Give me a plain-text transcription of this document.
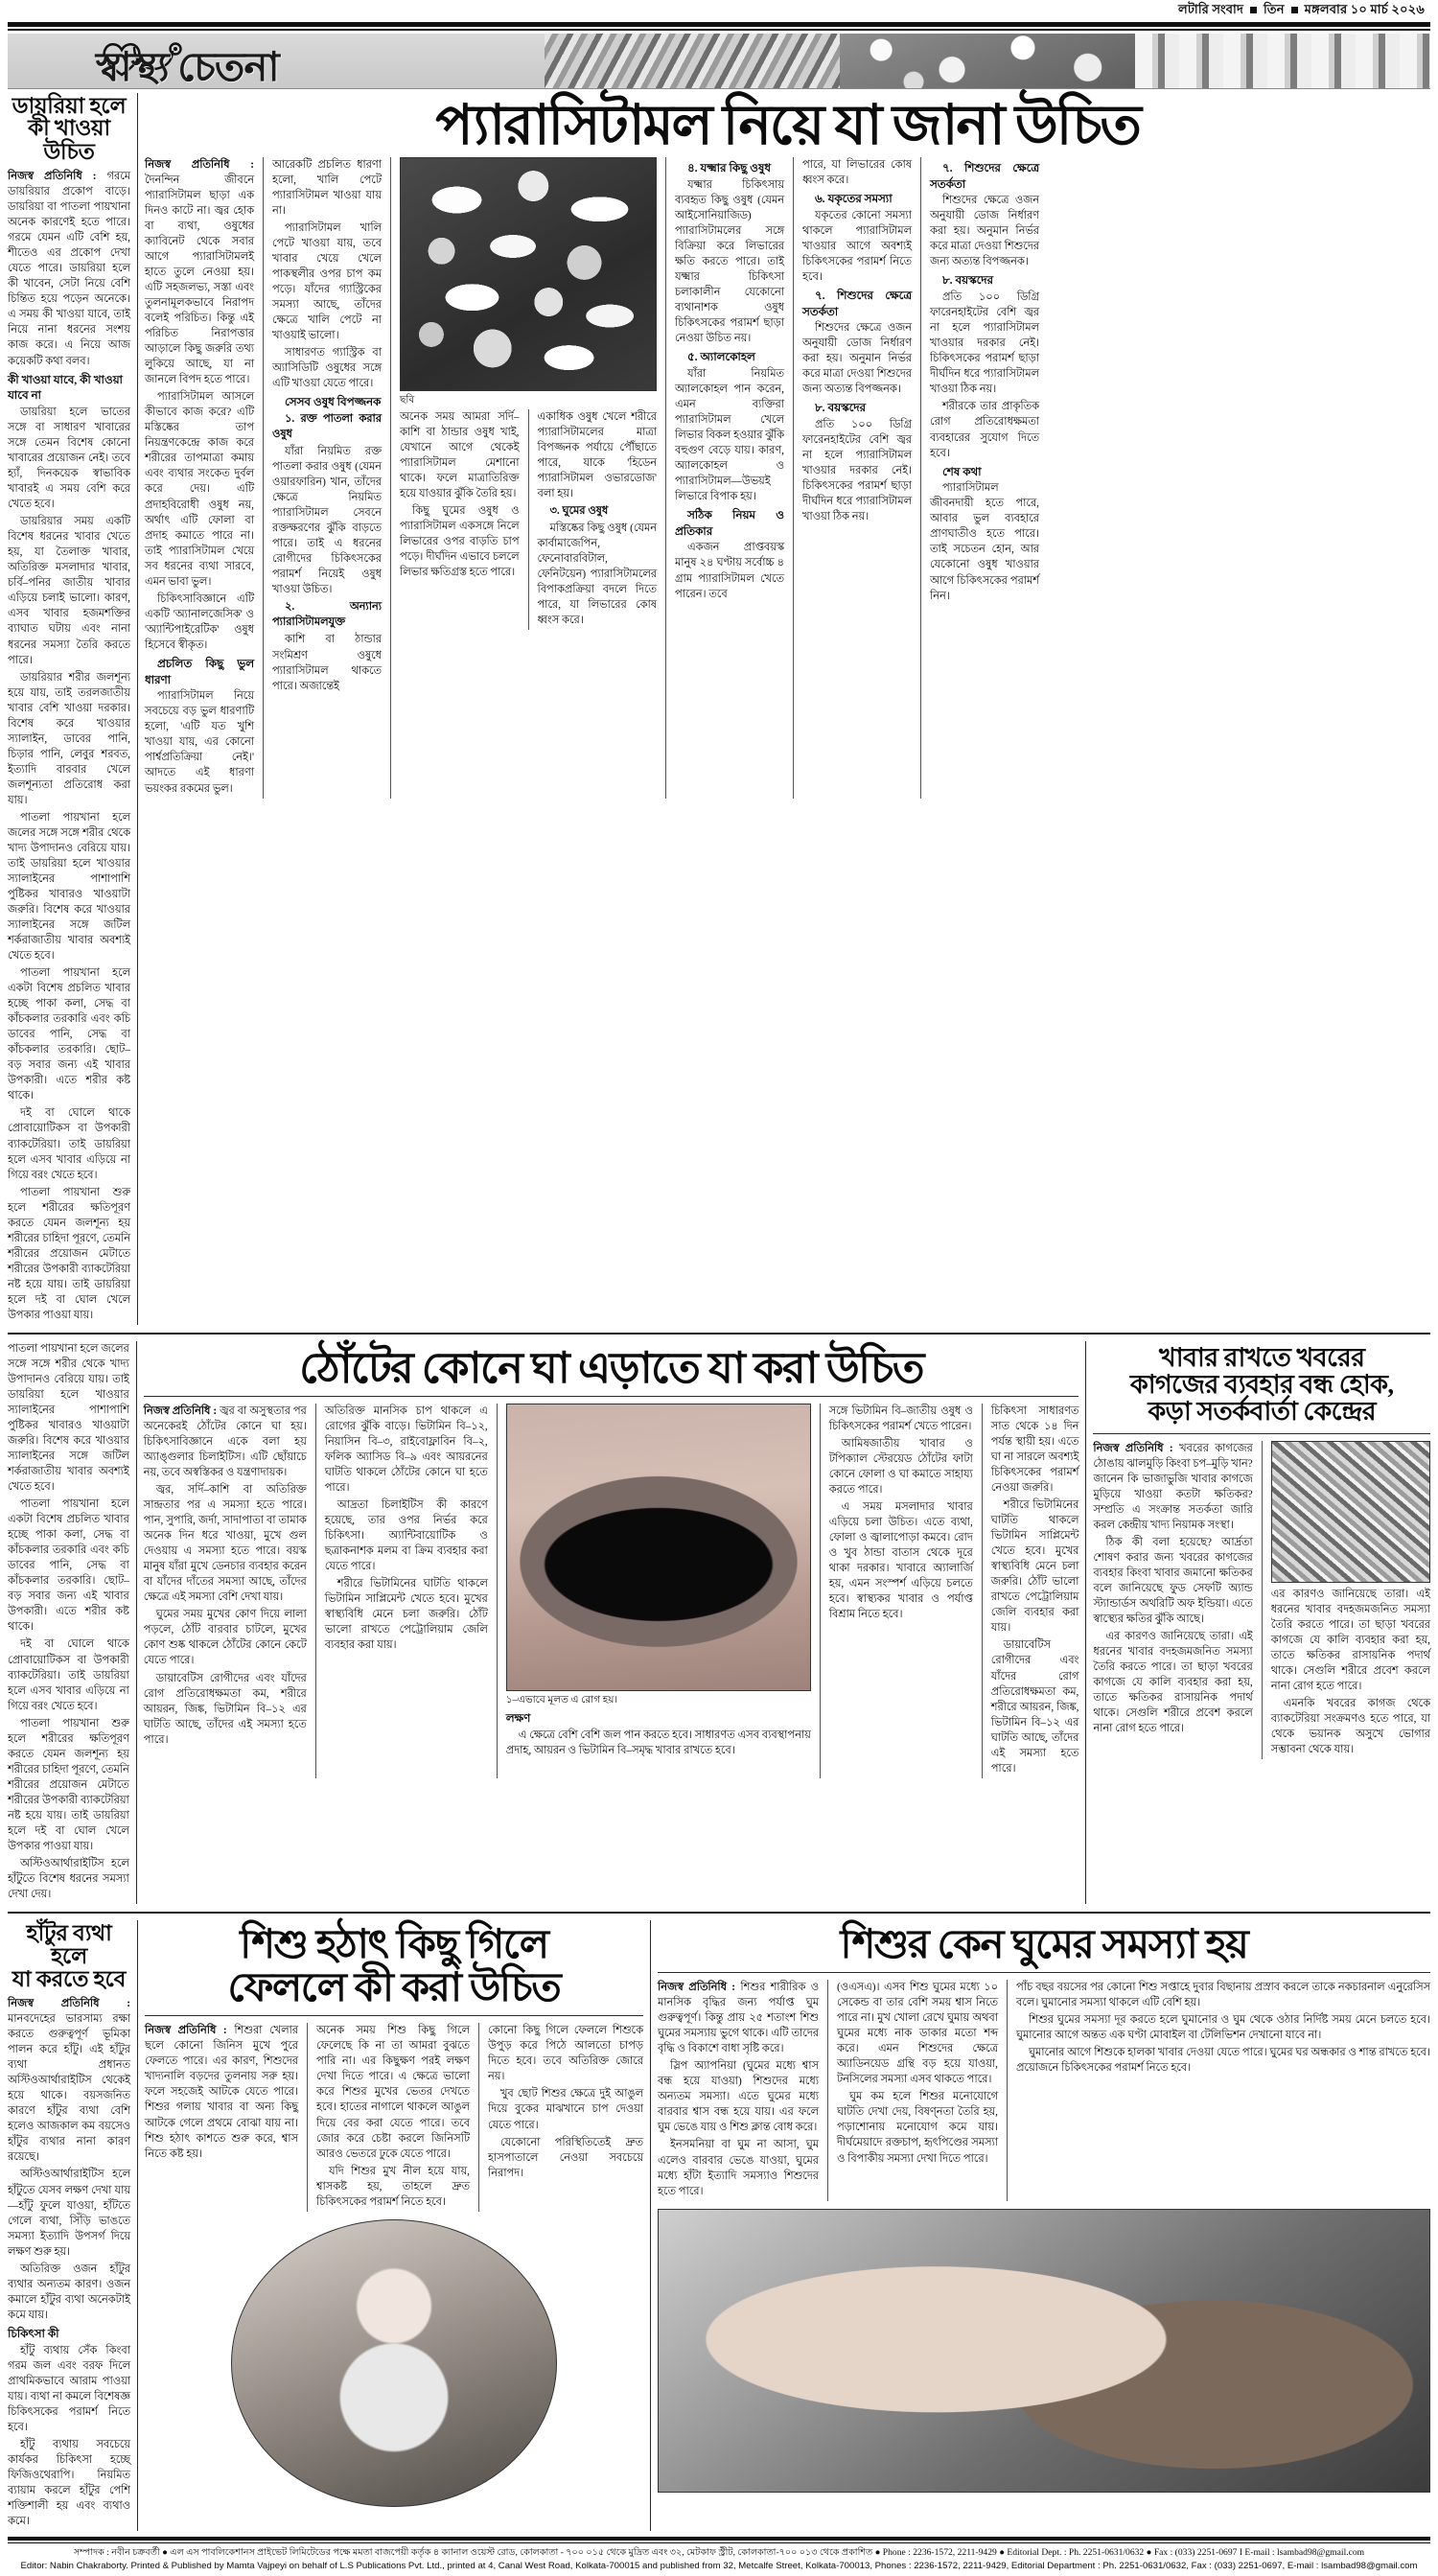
লটারি সংবাদ তিন মঙ্গলবার ১০ মার্চ ২০২৬
স্বাস্থ্য চেতনা
ডায়রিয়া হলে
কী খাওয়া উচিত

নিজস্ব প্রতিনিধি : গরমে ডায়রিয়ার প্রকোপ বাড়ে। ডায়রিয়া বা পাতলা পায়খানা অনেক কারণেই হতে পারে। গরমে যেমন এটি বেশি হয়, শীতেও এর প্রকোপ দেখা যেতে পারে। ডায়রিয়া হলে কী খাবেন, সেটা নিয়ে বেশি চিন্তিত হয়ে পড়েন অনেকে। এ সময় কী খাওয়া যাবে, তাই নিয়ে নানা ধরনের সংশয় কাজ করে। এ নিয়ে আজ কয়েকটি কথা বলব।

কী খাওয়া যাবে, কী খাওয়া যাবে না

ডায়রিয়া হলে ভাতের সঙ্গে বা সাধারণ খাবারের সঙ্গে তেমন বিশেষ কোনো খাবারের প্রয়োজন নেই। তবে হ্যাঁ, দিনকয়েক স্বাভাবিক খাবারই এ সময় বেশি করে খেতে হবে।

ডায়রিয়ার সময় একটি বিশেষ ধরনের খাবার খেতে হয়, যা তৈলাক্ত খাবার, অতিরিক্ত মসলাদার খাবার, চর্বি–পনির জাতীয় খাবার এড়িয়ে চলাই ভালো। কারণ, এসব খাবার হজমশক্তির ব্যাঘাত ঘটায় এবং নানা ধরনের সমস্যা তৈরি করতে পারে।

ডায়রিয়ার শরীর জলশূন্য হয়ে যায়, তাই তরলজাতীয় খাবার বেশি খাওয়া দরকার। বিশেষ করে খাওয়ার স্যালাইন, ডাবের পানি, চিড়ার পানি, লেবুর শরবত, ইত্যাদি বারবার খেলে জলশূন্যতা প্রতিরোধ করা যায়।

পাতলা পায়খানা হলে জলের সঙ্গে সঙ্গে শরীর থেকে খাদ্য উপাদানও বেরিয়ে যায়। তাই ডায়রিয়া হলে খাওয়ার স্যালাইনের পাশাপাশি পুষ্টিকর খাবারও খাওয়াটা জরুরি। বিশেষ করে খাওয়ার স্যালাইনের সঙ্গে জটিল শর্করাজাতীয় খাবার অবশ্যই খেতে হবে।

পাতলা পায়খানা হলে একটা বিশেষ প্রচলিত খাবার হচ্ছে পাকা কলা, সেদ্ধ বা কাঁচকলার তরকারি এবং কচি ডাবের পানি, সেদ্ধ বা কাঁচকলার তরকারি। ছোট–বড় সবার জন্য এই খাবার উপকারী। এতে শরীর কষ্ট থাকে।

দই বা ঘোলে থাকে প্রোবায়োটিকস বা উপকারী ব্যাকটেরিয়া। তাই ডায়রিয়া হলে এসব খাবার এড়িয়ে না গিয়ে বরং খেতে হবে।

পাতলা পায়খানা শুরু হলে শরীরের ক্ষতিপূরণ করতে যেমন জলশূন্য হয় শরীরের চাহিদা পূরণে, তেমনি শরীরের প্রয়োজন মেটাতে শরীরের উপকারী ব্যাকটেরিয়া নষ্ট হয়ে যায়। তাই ডায়রিয়া হলে দই বা ঘোল খেলে উপকার পাওয়া যায়।

প্যারাসিটামল নিয়ে যা জানা উচিত

নিজস্ব প্রতিনিধি : দৈনন্দিন জীবনে প্যারাসিটামল ছাড়া এক দিনও কাটে না। জ্বর হোক বা ব্যথা, ওষুধের ক্যাবিনেট থেকে সবার আগে প্যারাসিটামলই হাতে তুলে নেওয়া হয়। এটি সহজলভ্য, সস্তা এবং তুলনামূলকভাবে নিরাপদ বলেই পরিচিত। কিন্তু এই পরিচিত নিরাপত্তার আড়ালে কিছু জরুরি তথ্য লুকিয়ে আছে, যা না জানলে বিপদ হতে পারে।

প্যারাসিটামল আসলে কীভাবে কাজ করে? এটি মস্তিষ্কের তাপ নিয়ন্ত্রণকেন্দ্রে কাজ করে শরীরের তাপমাত্রা কমায় এবং ব্যথার সংকেত দুর্বল করে দেয়। এটি প্রদাহবিরোধী ওষুধ নয়, অর্থাৎ এটি ফোলা বা প্রদাহ কমাতে পারে না। তাই প্যারাসিটামল খেয়ে সব ধরনের ব্যথা সারবে, এমন ভাবা ভুল।

চিকিৎসাবিজ্ঞানে এটি একটি 'অ্যানালজেসিক' ও 'অ্যান্টিপাইরেটিক' ওষুধ হিসেবে স্বীকৃত।

প্রচলিত কিছু ভুল ধারণা

প্যারাসিটামল নিয়ে সবচেয়ে বড় ভুল ধারণাটি হলো, 'এটি যত খুশি খাওয়া যায়, এর কোনো পার্শ্বপ্রতিক্রিয়া নেই।' আদতে এই ধারণা ভয়ংকর রকমের ভুল।

আরেকটি প্রচলিত ধারণা হলো, খালি পেটে প্যারাসিটামল খাওয়া যায় না।

প্যারাসিটামল খালি পেটে খাওয়া যায়, তবে খাবার খেয়ে খেলে পাকস্থলীর ওপর চাপ কম পড়ে। যাঁদের গ্যাস্ট্রিকের সমস্যা আছে, তাঁদের ক্ষেত্রে খালি পেটে না খাওয়াই ভালো।

সাধারণত গ্যাস্ট্রিক বা অ্যাসিডিটি ওষুধের সঙ্গে এটি খাওয়া যেতে পারে।

সেসব ওষুধ বিপজ্জনক

১. রক্ত পাতলা করার ওষুধ

যাঁরা নিয়মিত রক্ত পাতলা করার ওষুধ (যেমন ওয়ারফারিন) খান, তাঁদের ক্ষেত্রে নিয়মিত প্যারাসিটামল সেবনে রক্তক্ষরণের ঝুঁকি বাড়তে পারে। তাই এ ধরনের রোগীদের চিকিৎসকের পরামর্শ নিয়েই ওষুধ খাওয়া উচিত।

২. অন্যান্য প্যারাসিটামলযুক্ত

কাশি বা ঠান্ডার সংমিশ্রণ ওষুধে প্যারাসিটামল থাকতে পারে। অজান্তেই

ছবি

অনেক সময় আমরা সর্দি–কাশি বা ঠান্ডার ওষুধ খাই, যেখানে আগে থেকেই প্যারাসিটামল মেশানো থাকে। ফলে মাত্রাতিরিক্ত হয়ে যাওয়ার ঝুঁকি তৈরি হয়।

কিছু ঘুমের ওষুধ ও প্যারাসিটামল একসঙ্গে নিলে লিভারের ওপর বাড়তি চাপ পড়ে। দীর্ঘদিন এভাবে চললে লিভার ক্ষতিগ্রস্ত হতে পারে।

একাধিক ওষুধ খেলে শরীরে প্যারাসিটামলের মাত্রা বিপজ্জনক পর্যায়ে পৌঁছাতে পারে, যাকে 'হিডেন প্যারাসিটামল ওভারডোজ' বলা হয়।

৩. ঘুমের ওষুধ

মস্তিষ্কের কিছু ওষুধ (যেমন কার্বামাজেপিন, ফেনোবারবিটাল, ফেনিটয়েন) প্যারাসিটামলের বিপাকপ্রক্রিয়া বদলে দিতে পারে, যা লিভারের কোষ ধ্বংস করে।

৪. যক্ষ্মার কিছু ওষুধ

যক্ষ্মার চিকিৎসায় ব্যবহৃত কিছু ওষুধ (যেমন আইসোনিয়াজিড) প্যারাসিটামলের সঙ্গে বিক্রিয়া করে লিভারের ক্ষতি করতে পারে। তাই যক্ষ্মার চিকিৎসা চলাকালীন যেকোনো ব্যথানাশক ওষুধ চিকিৎসকের পরামর্শ ছাড়া নেওয়া উচিত নয়।

৫. অ্যালকোহল

যাঁরা নিয়মিত অ্যালকোহল পান করেন, এমন ব্যক্তিরা প্যারাসিটামল খেলে লিভার বিকল হওয়ার ঝুঁকি বহুগুণ বেড়ে যায়। কারণ, অ্যালকোহল ও প্যারাসিটামল—উভয়ই লিভারে বিপাক হয়।

সঠিক নিয়ম ও প্রতিকার

একজন প্রাপ্তবয়স্ক মানুষ ২৪ ঘণ্টায় সর্বোচ্চ ৪ গ্রাম প্যারাসিটামল খেতে পারেন। তবে

পারে, যা লিভারের কোষ ধ্বংস করে।

৬. যকৃতের সমস্যা

যকৃতের কোনো সমস্যা থাকলে প্যারাসিটামল খাওয়ার আগে অবশ্যই চিকিৎসকের পরামর্শ নিতে হবে।

৭. শিশুদের ক্ষেত্রে সতর্কতা

শিশুদের ক্ষেত্রে ওজন অনুযায়ী ডোজ নির্ধারণ করা হয়। অনুমান নির্ভর করে মাত্রা দেওয়া শিশুদের জন্য অত্যন্ত বিপজ্জনক।

৮. বয়স্কদের

প্রতি ১০০ ডিগ্রি ফারেনহাইটের বেশি জ্বর না হলে প্যারাসিটামল খাওয়ার দরকার নেই। চিকিৎসকের পরামর্শ ছাড়া দীর্ঘদিন ধরে প্যারাসিটামল খাওয়া ঠিক নয়।

৭. শিশুদের ক্ষেত্রে সতর্কতা

শিশুদের ক্ষেত্রে ওজন অনুযায়ী ডোজ নির্ধারণ করা হয়। অনুমান নির্ভর করে মাত্রা দেওয়া শিশুদের জন্য অত্যন্ত বিপজ্জনক।

৮. বয়স্কদের

প্রতি ১০০ ডিগ্রি ফারেনহাইটের বেশি জ্বর না হলে প্যারাসিটামল খাওয়ার দরকার নেই। চিকিৎসকের পরামর্শ ছাড়া দীর্ঘদিন ধরে প্যারাসিটামল খাওয়া ঠিক নয়।

শরীরকে তার প্রাকৃতিক রোগ প্রতিরোধক্ষমতা ব্যবহারের সুযোগ দিতে হবে।

শেষ কথা

প্যারাসিটামল জীবনদায়ী হতে পারে, আবার ভুল ব্যবহারে প্রাণঘাতীও হতে পারে। তাই সচেতন হোন, আর যেকোনো ওষুধ খাওয়ার আগে চিকিৎসকের পরামর্শ নিন।

পাতলা পায়খানা হলে জলের সঙ্গে সঙ্গে শরীর থেকে খাদ্য উপাদানও বেরিয়ে যায়। তাই ডায়রিয়া হলে খাওয়ার স্যালাইনের পাশাপাশি পুষ্টিকর খাবারও খাওয়াটা জরুরি। বিশেষ করে খাওয়ার স্যালাইনের সঙ্গে জটিল শর্করাজাতীয় খাবার অবশ্যই খেতে হবে।

পাতলা পায়খানা হলে একটা বিশেষ প্রচলিত খাবার হচ্ছে পাকা কলা, সেদ্ধ বা কাঁচকলার তরকারি এবং কচি ডাবের পানি, সেদ্ধ বা কাঁচকলার তরকারি। ছোট–বড় সবার জন্য এই খাবার উপকারী। এতে শরীর কষ্ট থাকে।

দই বা ঘোলে থাকে প্রোবায়োটিকস বা উপকারী ব্যাকটেরিয়া। তাই ডায়রিয়া হলে এসব খাবার এড়িয়ে না গিয়ে বরং খেতে হবে।

পাতলা পায়খানা শুরু হলে শরীরের ক্ষতিপূরণ করতে যেমন জলশূন্য হয় শরীরের চাহিদা পূরণে, তেমনি শরীরের প্রয়োজন মেটাতে শরীরের উপকারী ব্যাকটেরিয়া নষ্ট হয়ে যায়। তাই ডায়রিয়া হলে দই বা ঘোল খেলে উপকার পাওয়া যায়।

অস্টিওআর্থারাইটিস হলে হাঁটুতে বিশেষ ধরনের সমস্যা দেখা দেয়।

ঠোঁটের কোনে ঘা এড়াতে যা করা উচিত

নিজস্ব প্রতিনিধি : জ্বর বা অসুস্থতার পর অনেকেরই ঠোঁটের কোনে ঘা হয়। চিকিৎসাবিজ্ঞানে একে বলা হয় অ্যাঙ্গুলার চিলাইটিস। এটি ছোঁয়াচে নয়, তবে অস্বস্তিকর ও যন্ত্রণাদায়ক।

জ্বর, সর্দি–কাশি বা অতিরিক্ত সান্দ্রতার পর এ সমস্যা হতে পারে। পান, সুপারি, জর্দা, সাদাপাতা বা তামাক অনেক দিন ধরে খাওয়া, মুখে গুল দেওয়ায় এ সমস্যা হতে পারে। বয়স্ক মানুষ যাঁরা মুখে ডেনচার ব্যবহার করেন বা যাঁদের দাঁতের সমস্যা আছে, তাঁদের ক্ষেত্রে এই সমস্যা বেশি দেখা যায়।

ঘুমের সময় মুখের কোণ দিয়ে লালা পড়লে, ঠোঁট বারবার চাটলে, মুখের কোণ শুষ্ক থাকলে ঠোঁটের কোনে কেটে যেতে পারে।

ডায়াবেটিস রোগীদের এবং যাঁদের রোগ প্রতিরোধক্ষমতা কম, শরীরে আয়রন, জিঙ্ক, ভিটামিন বি–১২ এর ঘাটতি আছে, তাঁদের এই সমস্যা হতে পারে।

অতিরিক্ত মানসিক চাপ থাকলে এ রোগের ঝুঁকি বাড়ে। ভিটামিন বি–১২, নিয়াসিন বি–৩, রাইবোফ্লাবিন বি–২, ফলিক অ্যাসিড বি–৯ এবং আয়রনের ঘাটতি থাকলে ঠোঁটের কোনে ঘা হতে পারে।

আদ্রতা চিলাইটিস কী কারণে হয়েছে, তার ওপর নির্ভর করে চিকিৎসা। অ্যান্টিবায়োটিক ও ছত্রাকনাশক মলম বা ক্রিম ব্যবহার করা যেতে পারে।

শরীরে ভিটামিনের ঘাটতি থাকলে ভিটামিন সাপ্লিমেন্ট খেতে হবে। মুখের স্বাস্থ্যবিধি মেনে চলা জরুরি। ঠোঁট ভালো রাখতে পেট্রোলিয়াম জেলি ব্যবহার করা যায়।

১–এভাবে মূলত এ রোগ হয়।
লক্ষণ

এ ক্ষেত্রে বেশি বেশি জল পান করতে হবে। সাধারণত এসব ব্যবস্থাপনায় প্রদাহ, আয়রন ও ভিটামিন বি–সমৃদ্ধ খাবার রাখতে হবে।

সঙ্গে ভিটামিন বি–জাতীয় ওষুধ ও চিকিৎসকের পরামর্শ খেতে পারেন।

আমিষজাতীয় খাবার ও টপিক্যাল স্টেরয়েড ঠোঁটের ফাটা কোনে ফোলা ও ঘা কমাতে সাহায্য করতে পারে।

এ সময় মসলাদার খাবার এড়িয়ে চলা উচিত। এতে ব্যথা, ফোলা ও জ্বালাপোড়া কমবে। রোদ ও খুব ঠান্ডা বাতাস থেকে দূরে থাকা দরকার। খাবারে অ্যালার্জি হয়, এমন সংস্পর্শ এড়িয়ে চলতে হবে। স্বাস্থ্যকর খাবার ও পর্যাপ্ত বিশ্রাম নিতে হবে।

চিকিৎসা সাধারণত সাত থেকে ১৪ দিন পর্যন্ত স্থায়ী হয়। এতে ঘা না সারলে অবশ্যই চিকিৎসকের পরামর্শ নেওয়া জরুরি।

শরীরে ভিটামিনের ঘাটতি থাকলে ভিটামিন সাপ্লিমেন্ট খেতে হবে। মুখের স্বাস্থ্যবিধি মেনে চলা জরুরি। ঠোঁট ভালো রাখতে পেট্রোলিয়াম জেলি ব্যবহার করা যায়।

ডায়াবেটিস রোগীদের এবং যাঁদের রোগ প্রতিরোধক্ষমতা কম, শরীরে আয়রন, জিঙ্ক, ভিটামিন বি–১২ এর ঘাটতি আছে, তাঁদের এই সমস্যা হতে পারে।

খাবার রাখতে খবরের
কাগজের ব্যবহার বন্ধ হোক,
কড়া সতর্কবার্তা কেন্দ্রের

নিজস্ব প্রতিনিধি : খবরের কাগজের ঠোঙায় ঝালমুড়ি কিংবা চপ–মুড়ি খান? জানেন কি ভাজাভুজি খাবার কাগজে মুড়িয়ে খাওয়া কতটা ক্ষতিকর? সম্প্রতি এ সংক্রান্ত সতর্কতা জারি করল কেন্দ্রীয় খাদ্য নিয়ামক সংস্থা।

ঠিক কী বলা হয়েছে? আর্দ্রতা শোষণ করার জন্য খবরের কাগজের ব্যবহার কিংবা খাবার জমানো ক্ষতিকর বলে জানিয়েছে ফুড সেফটি অ্যান্ড স্ট্যান্ডার্ডস অথরিটি অফ ইন্ডিয়া। এতে স্বাস্থ্যের ক্ষতির ঝুঁকি আছে।

এর কারণও জানিয়েছে তারা। এই ধরনের খাবার বদহজমজনিত সমস্যা তৈরি করতে পারে। তা ছাড়া খবরের কাগজে যে কালি ব্যবহার করা হয়, তাতে ক্ষতিকর রাসায়নিক পদার্থ থাকে। সেগুলি শরীরে প্রবেশ করলে নানা রোগ হতে পারে।

এর কারণও জানিয়েছে তারা। এই ধরনের খাবার বদহজমজনিত সমস্যা তৈরি করতে পারে। তা ছাড়া খবরের কাগজে যে কালি ব্যবহার করা হয়, তাতে ক্ষতিকর রাসায়নিক পদার্থ থাকে। সেগুলি শরীরে প্রবেশ করলে নানা রোগ হতে পারে।

এমনকি খবরের কাগজ থেকে ব্যাকটেরিয়া সংক্রমণও হতে পারে, যা থেকে ভয়ানক অসুখে ভোগার সম্ভাবনা থেকে যায়।

হাঁটুর ব্যথা হলে
যা করতে হবে

নিজস্ব প্রতিনিধি : মানবদেহের ভারসাম্য রক্ষা করতে গুরুত্বপূর্ণ ভূমিকা পালন করে হাঁটু। এই হাঁটুর ব্যথা প্রধানত অস্টিওআর্থারাইটিস থেকেই হয়ে থাকে। বয়সজনিত কারণে হাঁটুর ব্যথা বেশি হলেও আজকাল কম বয়সেও হাঁটুর ব্যথার নানা কারণ রয়েছে।

অস্টিওআর্থারাইটিস হলে হাঁটুতে যেসব লক্ষণ দেখা যায়—হাঁটু ফুলে যাওয়া, হাঁটতে গেলে ব্যথা, সিঁড়ি ভাঙতে সমস্যা ইত্যাদি উপসর্গ দিয়ে লক্ষণ শুরু হয়।

অতিরিক্ত ওজন হাঁটুর ব্যথার অন্যতম কারণ। ওজন কমালে হাঁটুর ব্যথা অনেকটাই কমে যায়।

চিকিৎসা কী

হাঁটু ব্যথায় সেঁক কিংবা গরম জল এবং বরফ দিলে প্রাথমিকভাবে আরাম পাওয়া যায়। ব্যথা না কমলে বিশেষজ্ঞ চিকিৎসকের পরামর্শ নিতে হবে।

হাঁটু ব্যথায় সবচেয়ে কার্যকর চিকিৎসা হচ্ছে ফিজিওথেরাপি। নিয়মিত ব্যায়াম করলে হাঁটুর পেশি শক্তিশালী হয় এবং ব্যথাও কমে।

শিশু হঠাৎ কিছু গিলে
ফেললে কী করা উচিত

নিজস্ব প্রতিনিধি : শিশুরা খেলার ছলে কোনো জিনিস মুখে পুরে ফেলতে পারে। এর কারণ, শিশুদের খাদ্যনালি বড়দের তুলনায় সরু হয়। ফলে সহজেই আটকে যেতে পারে। শিশুর গলায় খাবার বা অন্য কিছু আটকে গেলে প্রথমে বোঝা যায় না। শিশু হঠাৎ কাশতে শুরু করে, শ্বাস নিতে কষ্ট হয়।

অনেক সময় শিশু কিছু গিলে ফেলেছে কি না তা আমরা বুঝতে পারি না। এর কিছুক্ষণ পরই লক্ষণ দেখা দিতে পারে। এ ক্ষেত্রে ভালো করে শিশুর মুখের ভেতর দেখতে হবে। হাতের নাগালে থাকলে আঙুল দিয়ে বের করা যেতে পারে। তবে জোর করে চেষ্টা করলে জিনিসটি আরও ভেতরে ঢুকে যেতে পারে।

যদি শিশুর মুখ নীল হয়ে যায়, শ্বাসকষ্ট হয়, তাহলে দ্রুত চিকিৎসকের পরামর্শ নিতে হবে।

কোনো কিছু গিলে ফেললে শিশুকে উপুড় করে পিঠে আলতো চাপড় দিতে হবে। তবে অতিরিক্ত জোরে নয়।

খুব ছোট শিশুর ক্ষেত্রে দুই আঙুল দিয়ে বুকের মাঝখানে চাপ দেওয়া যেতে পারে।

যেকোনো পরিস্থিতিতেই দ্রুত হাসপাতালে নেওয়া সবচেয়ে নিরাপদ।

শিশুর কেন ঘুমের সমস্যা হয়

নিজস্ব প্রতিনিধি : শিশুর শারীরিক ও মানসিক বৃদ্ধির জন্য পর্যাপ্ত ঘুম গুরুত্বপূর্ণ। কিন্তু প্রায় ২৫ শতাংশ শিশু ঘুমের সমস্যায় ভুগে থাকে। এটি তাদের বৃদ্ধি ও বিকাশে বাধা সৃষ্টি করে।

স্লিপ অ্যাপনিয়া (ঘুমের মধ্যে শ্বাস বন্ধ হয়ে যাওয়া) শিশুদের মধ্যে অন্যতম সমস্যা। এতে ঘুমের মধ্যে বারবার শ্বাস বন্ধ হয়ে যায়। এর ফলে ঘুম ভেঙে যায় ও শিশু ক্লান্ত বোধ করে।

ইনসমনিয়া বা ঘুম না আসা, ঘুম এলেও বারবার ভেঙে যাওয়া, ঘুমের মধ্যে হাঁটা ইত্যাদি সমস্যাও শিশুদের হতে পারে।

(ওএসএ)। এসব শিশু ঘুমের মধ্যে ১০ সেকেন্ড বা তার বেশি সময় শ্বাস নিতে পারে না। মুখ খোলা রেখে ঘুমায় অথবা ঘুমের মধ্যে নাক ডাকার মতো শব্দ করে। এমন শিশুদের ক্ষেত্রে অ্যাডিনয়েড গ্রন্থি বড় হয়ে যাওয়া, টনসিলের সমস্যা এসব থাকতে পারে।

ঘুম কম হলে শিশুর মনোযোগে ঘাটতি দেখা দেয়, বিষণ্নতা তৈরি হয়, পড়াশোনায় মনোযোগ কমে যায়। দীর্ঘমেয়াদে রক্তচাপ, হৃৎপিণ্ডের সমস্যা ও বিপাকীয় সমস্যা দেখা দিতে পারে।

পাঁচ বছর বয়সের পর কোনো শিশু সপ্তাহে দুবার বিছানায় প্রস্রাব করলে তাকে নকচারনাল এনুরেসিস বলে। ঘুমানোর সমস্যা থাকলে এটি বেশি হয়।

শিশুর ঘুমের সমস্যা দূর করতে হলে ঘুমানোর ও ঘুম থেকে ওঠার নির্দিষ্ট সময় মেনে চলতে হবে। ঘুমানোর আগে অন্তত এক ঘণ্টা মোবাইল বা টেলিভিশন দেখানো যাবে না।

ঘুমানোর আগে শিশুকে হালকা খাবার দেওয়া যেতে পারে। ঘুমের ঘর অন্ধকার ও শান্ত রাখতে হবে। প্রয়োজনে চিকিৎসকের পরামর্শ নিতে হবে।

সম্পাদক : নবীন চক্রবর্তী ● এল এস পাবলিকেশানস প্রাইভেট লিমিটেডের পক্ষে মমতা বাজপেয়ী কর্তৃক ৪ ক্যানাল ওয়েস্ট রোড, কোলকাতা - ৭০০ ০১৫ থেকে মুদ্রিত এবং ৩২, মেটকাফ স্ট্রীট, কোলকাতা-৭০০ ০১৩ থেকে প্রকাশিত ● Phone : 2236-1572, 2211-9429 ● Editorial Dept. : Ph. 2251-0631/0632 ● Fax : (033) 2251-0697 I E-mail : lsambad98@gmail.com
Editor: Nabin Chakraborty. Printed & Published by Mamta Vajpeyi on behalf of L.S Publications Pvt. Ltd., printed at 4, Canal West Road, Kolkata-700015 and published from 32, Metcalfe Street, Kolkata-700013, Phones : 2236-1572, 2211-9429, Editorial Department : Ph. 2251-0631/0632, Fax : (033) 2251-0697, E-mail : lsambad98@gmail.com
